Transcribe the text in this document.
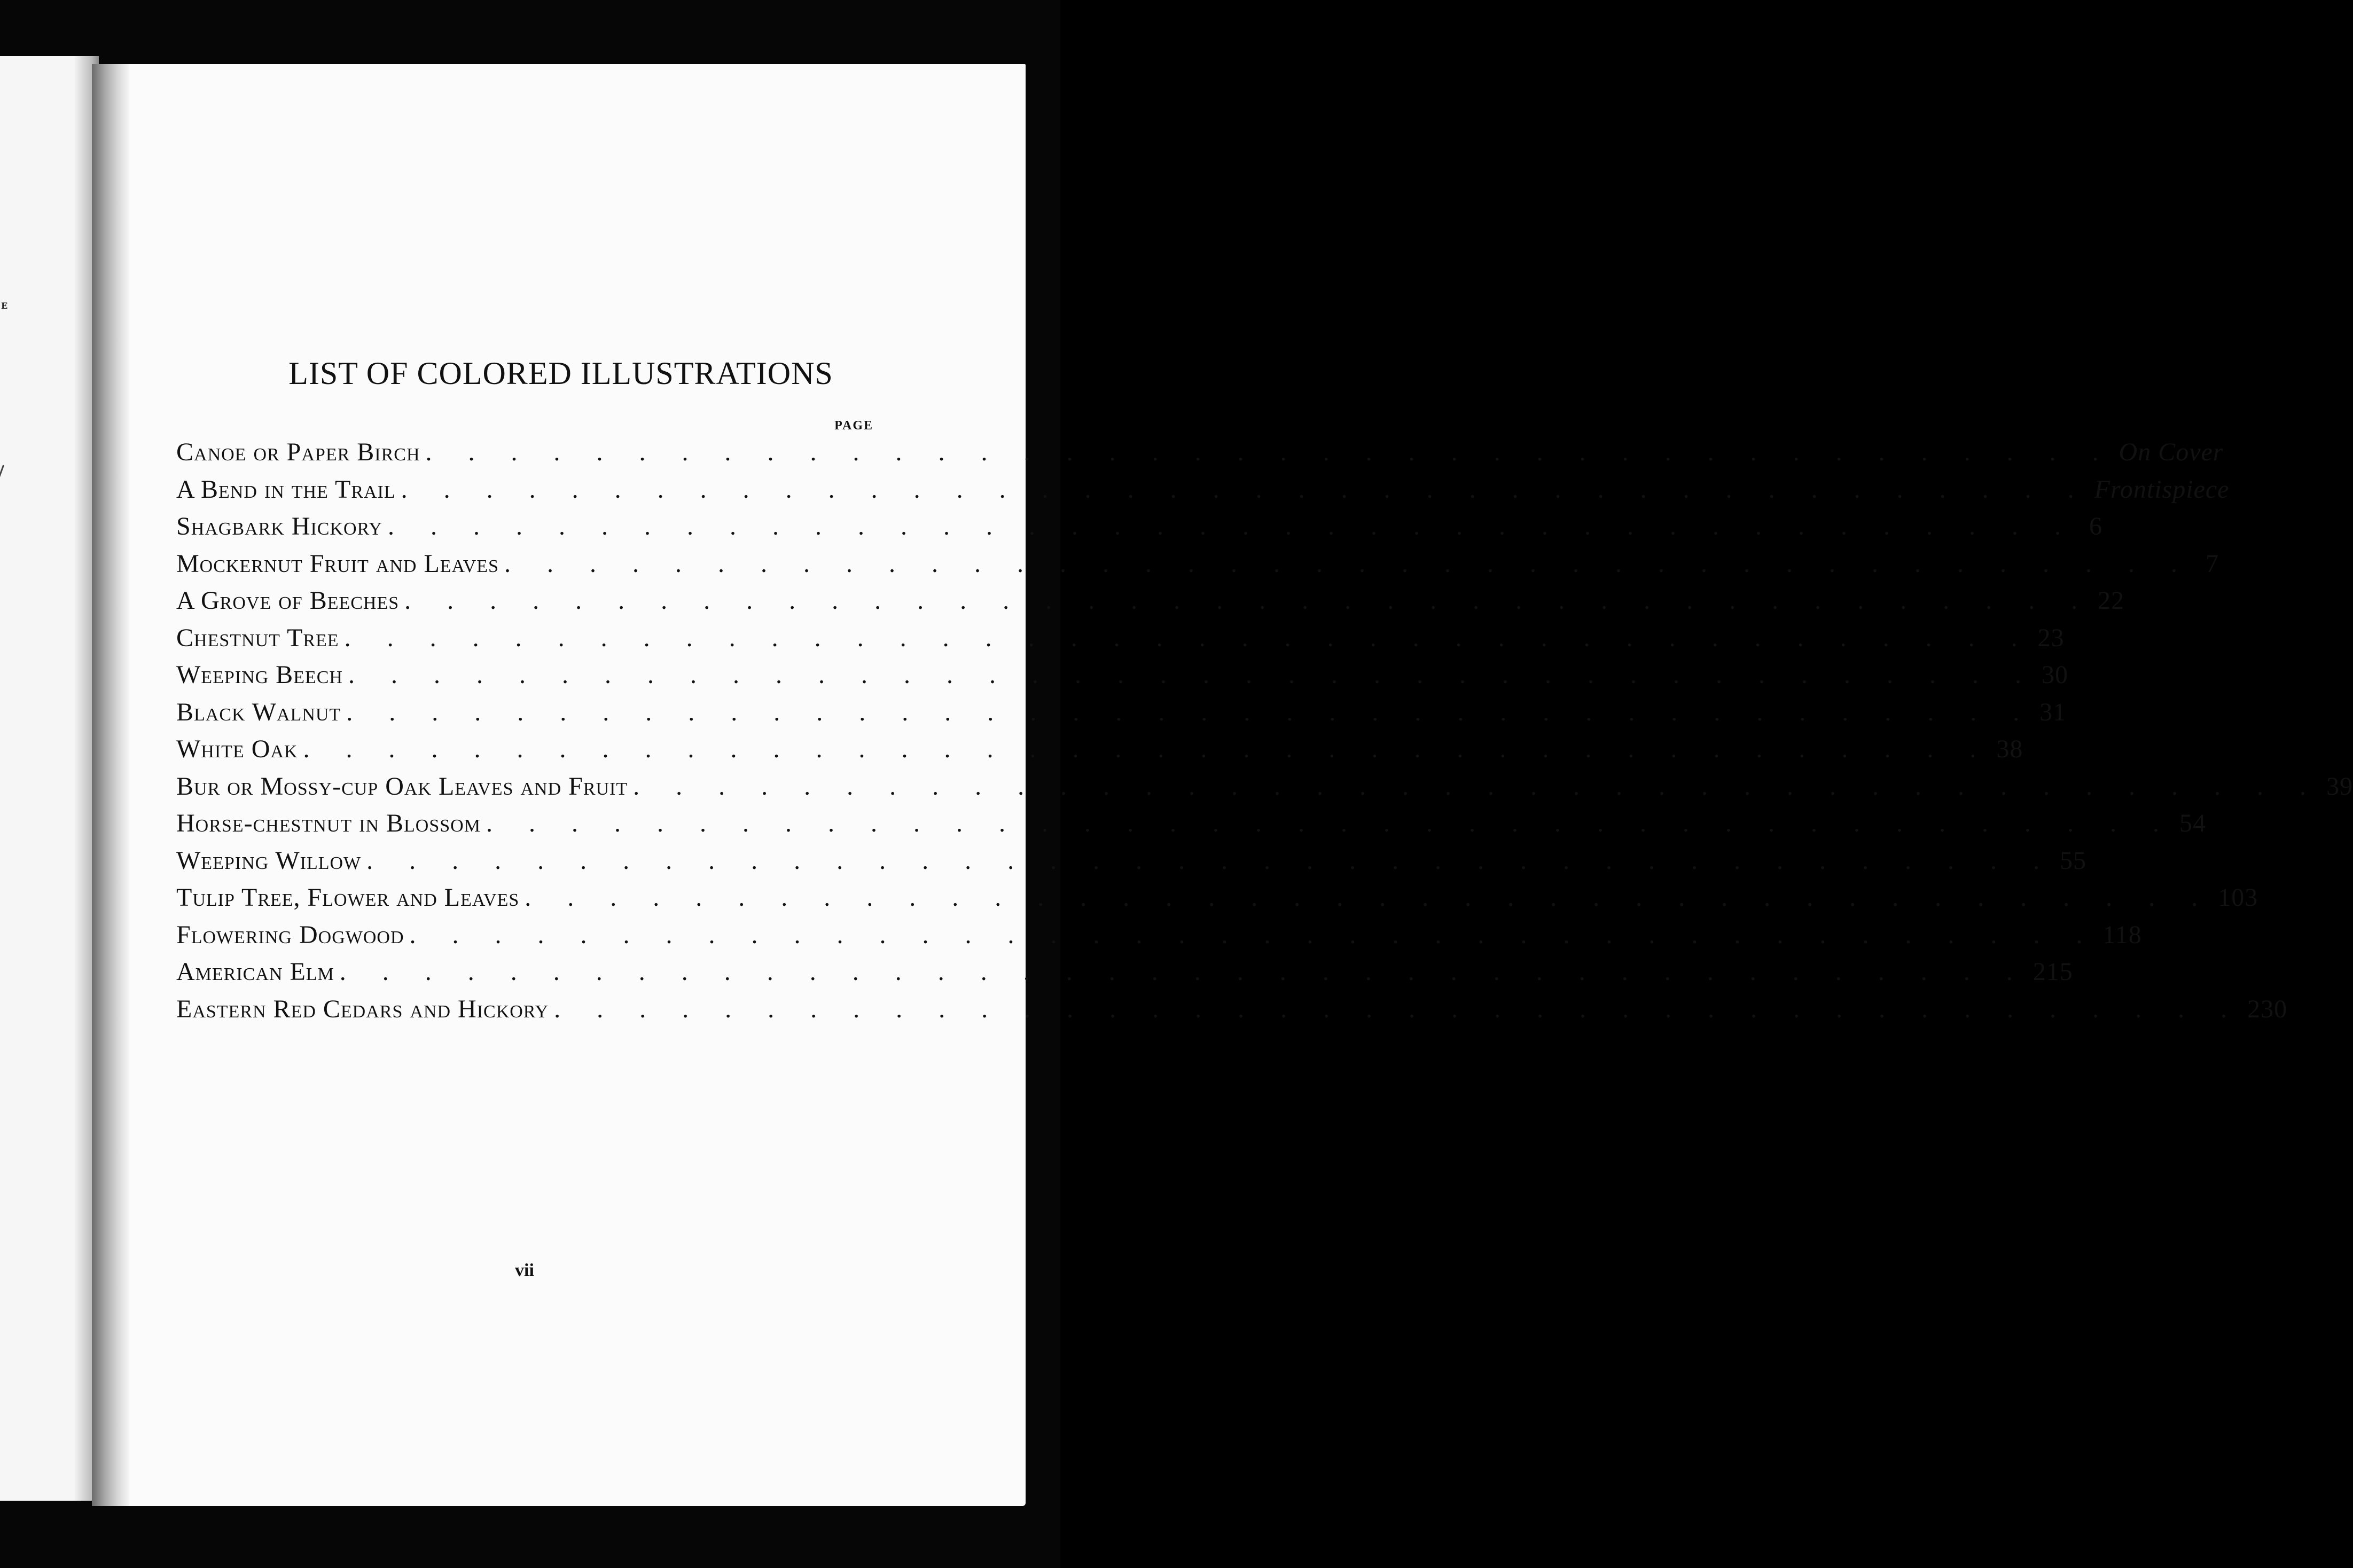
E
LIST OF COLORED ILLUSTRATIONS
PAGE
Canoe or Paper Birch . . . . . . . . . . . . . . . . . . . . . . . . . . . . . . . . . . . . . . . . On Cover
A Bend in the Trail . . . . . . . . . . . . . . . . . . . . . . . . . . . . . . . . . . . . . . . . Frontispiece
Shagbark Hickory . . . . . . . . . . . . . . . . . . . . . . . . . . . . . . . . . . . . . . . . 6
Mockernut Fruit and Leaves . . . . . . . . . . . . . . . . . . . . . . . . . . . . . . . . . . . . . . . . 7
A Grove of Beeches . . . . . . . . . . . . . . . . . . . . . . . . . . . . . . . . . . . . . . . . 22
Chestnut Tree . . . . . . . . . . . . . . . . . . . . . . . . . . . . . . . . . . . . . . . . 23
Weeping Beech . . . . . . . . . . . . . . . . . . . . . . . . . . . . . . . . . . . . . . . . 30
Black Walnut . . . . . . . . . . . . . . . . . . . . . . . . . . . . . . . . . . . . . . . . 31
White Oak . . . . . . . . . . . . . . . . . . . . . . . . . . . . . . . . . . . . . . . . 38
Bur or Mossy-cup Oak Leaves and Fruit . . . . . . . . . . . . . . . . . . . . . . . . . . . . . . . . . . . . . . . . 39
Horse-chestnut in Blossom . . . . . . . . . . . . . . . . . . . . . . . . . . . . . . . . . . . . . . . . 54
Weeping Willow . . . . . . . . . . . . . . . . . . . . . . . . . . . . . . . . . . . . . . . . 55
Tulip Tree, Flower and Leaves . . . . . . . . . . . . . . . . . . . . . . . . . . . . . . . . . . . . . . . . 103
Flowering Dogwood . . . . . . . . . . . . . . . . . . . . . . . . . . . . . . . . . . . . . . . . 118
American Elm . . . . . . . . . . . . . . . . . . . . . . . . . . . . . . . . . . . . . . . . 215
Eastern Red Cedars and Hickory . . . . . . . . . . . . . . . . . . . . . . . . . . . . . . . . . . . . . . . . 230
vii
